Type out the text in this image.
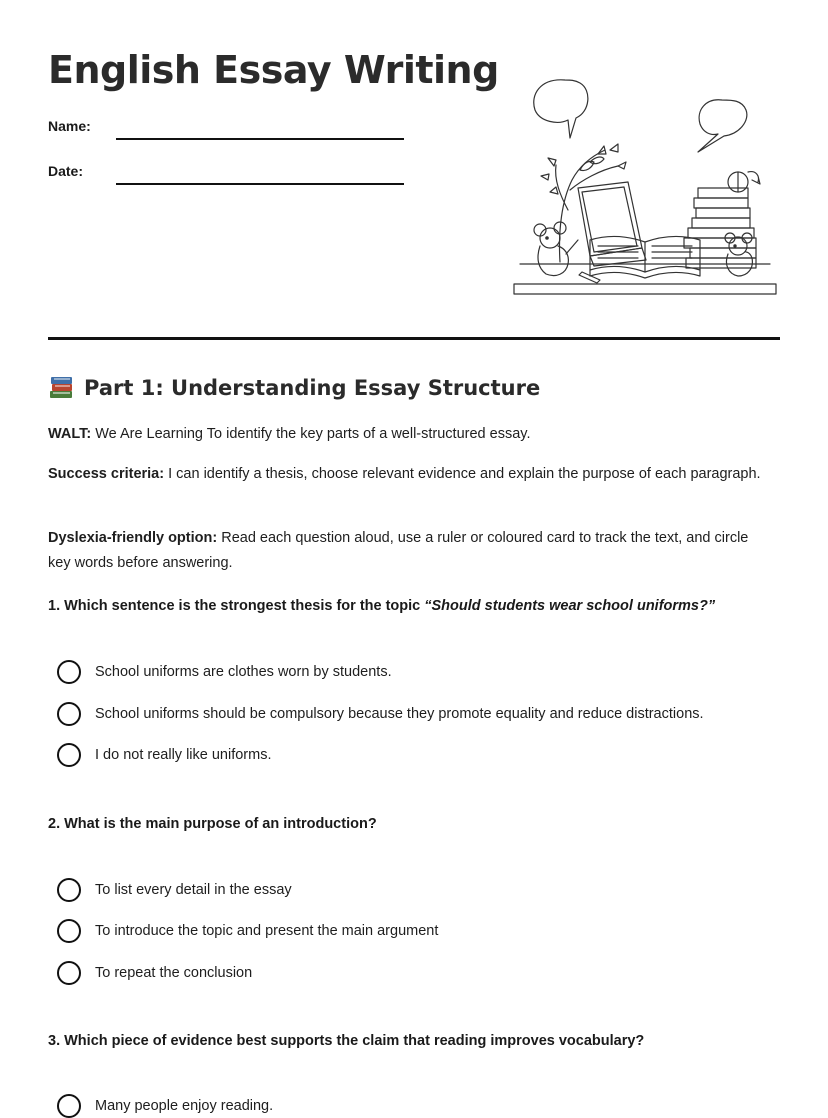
English Essay Writing
Name:
Date:
Part 1: Understanding Essay Structure

WALT: We Are Learning To identify the key parts of a well-structured essay.

Success criteria: I can identify a thesis, choose relevant evidence and explain the purpose of each paragraph.

Dyslexia-friendly option: Read each question aloud, use a ruler or coloured card to track the text, and circle key words before answering.

1. Which sentence is the strongest thesis for the topic “Should students wear school uniforms?”
School uniforms are clothes worn by students.
School uniforms should be compulsory because they promote equality and reduce distractions.
I do not really like uniforms.
2. What is the main purpose of an introduction?
To list every detail in the essay
To introduce the topic and present the main argument
To repeat the conclusion
3. Which piece of evidence best supports the claim that reading improves vocabulary?
Many people enjoy reading.
